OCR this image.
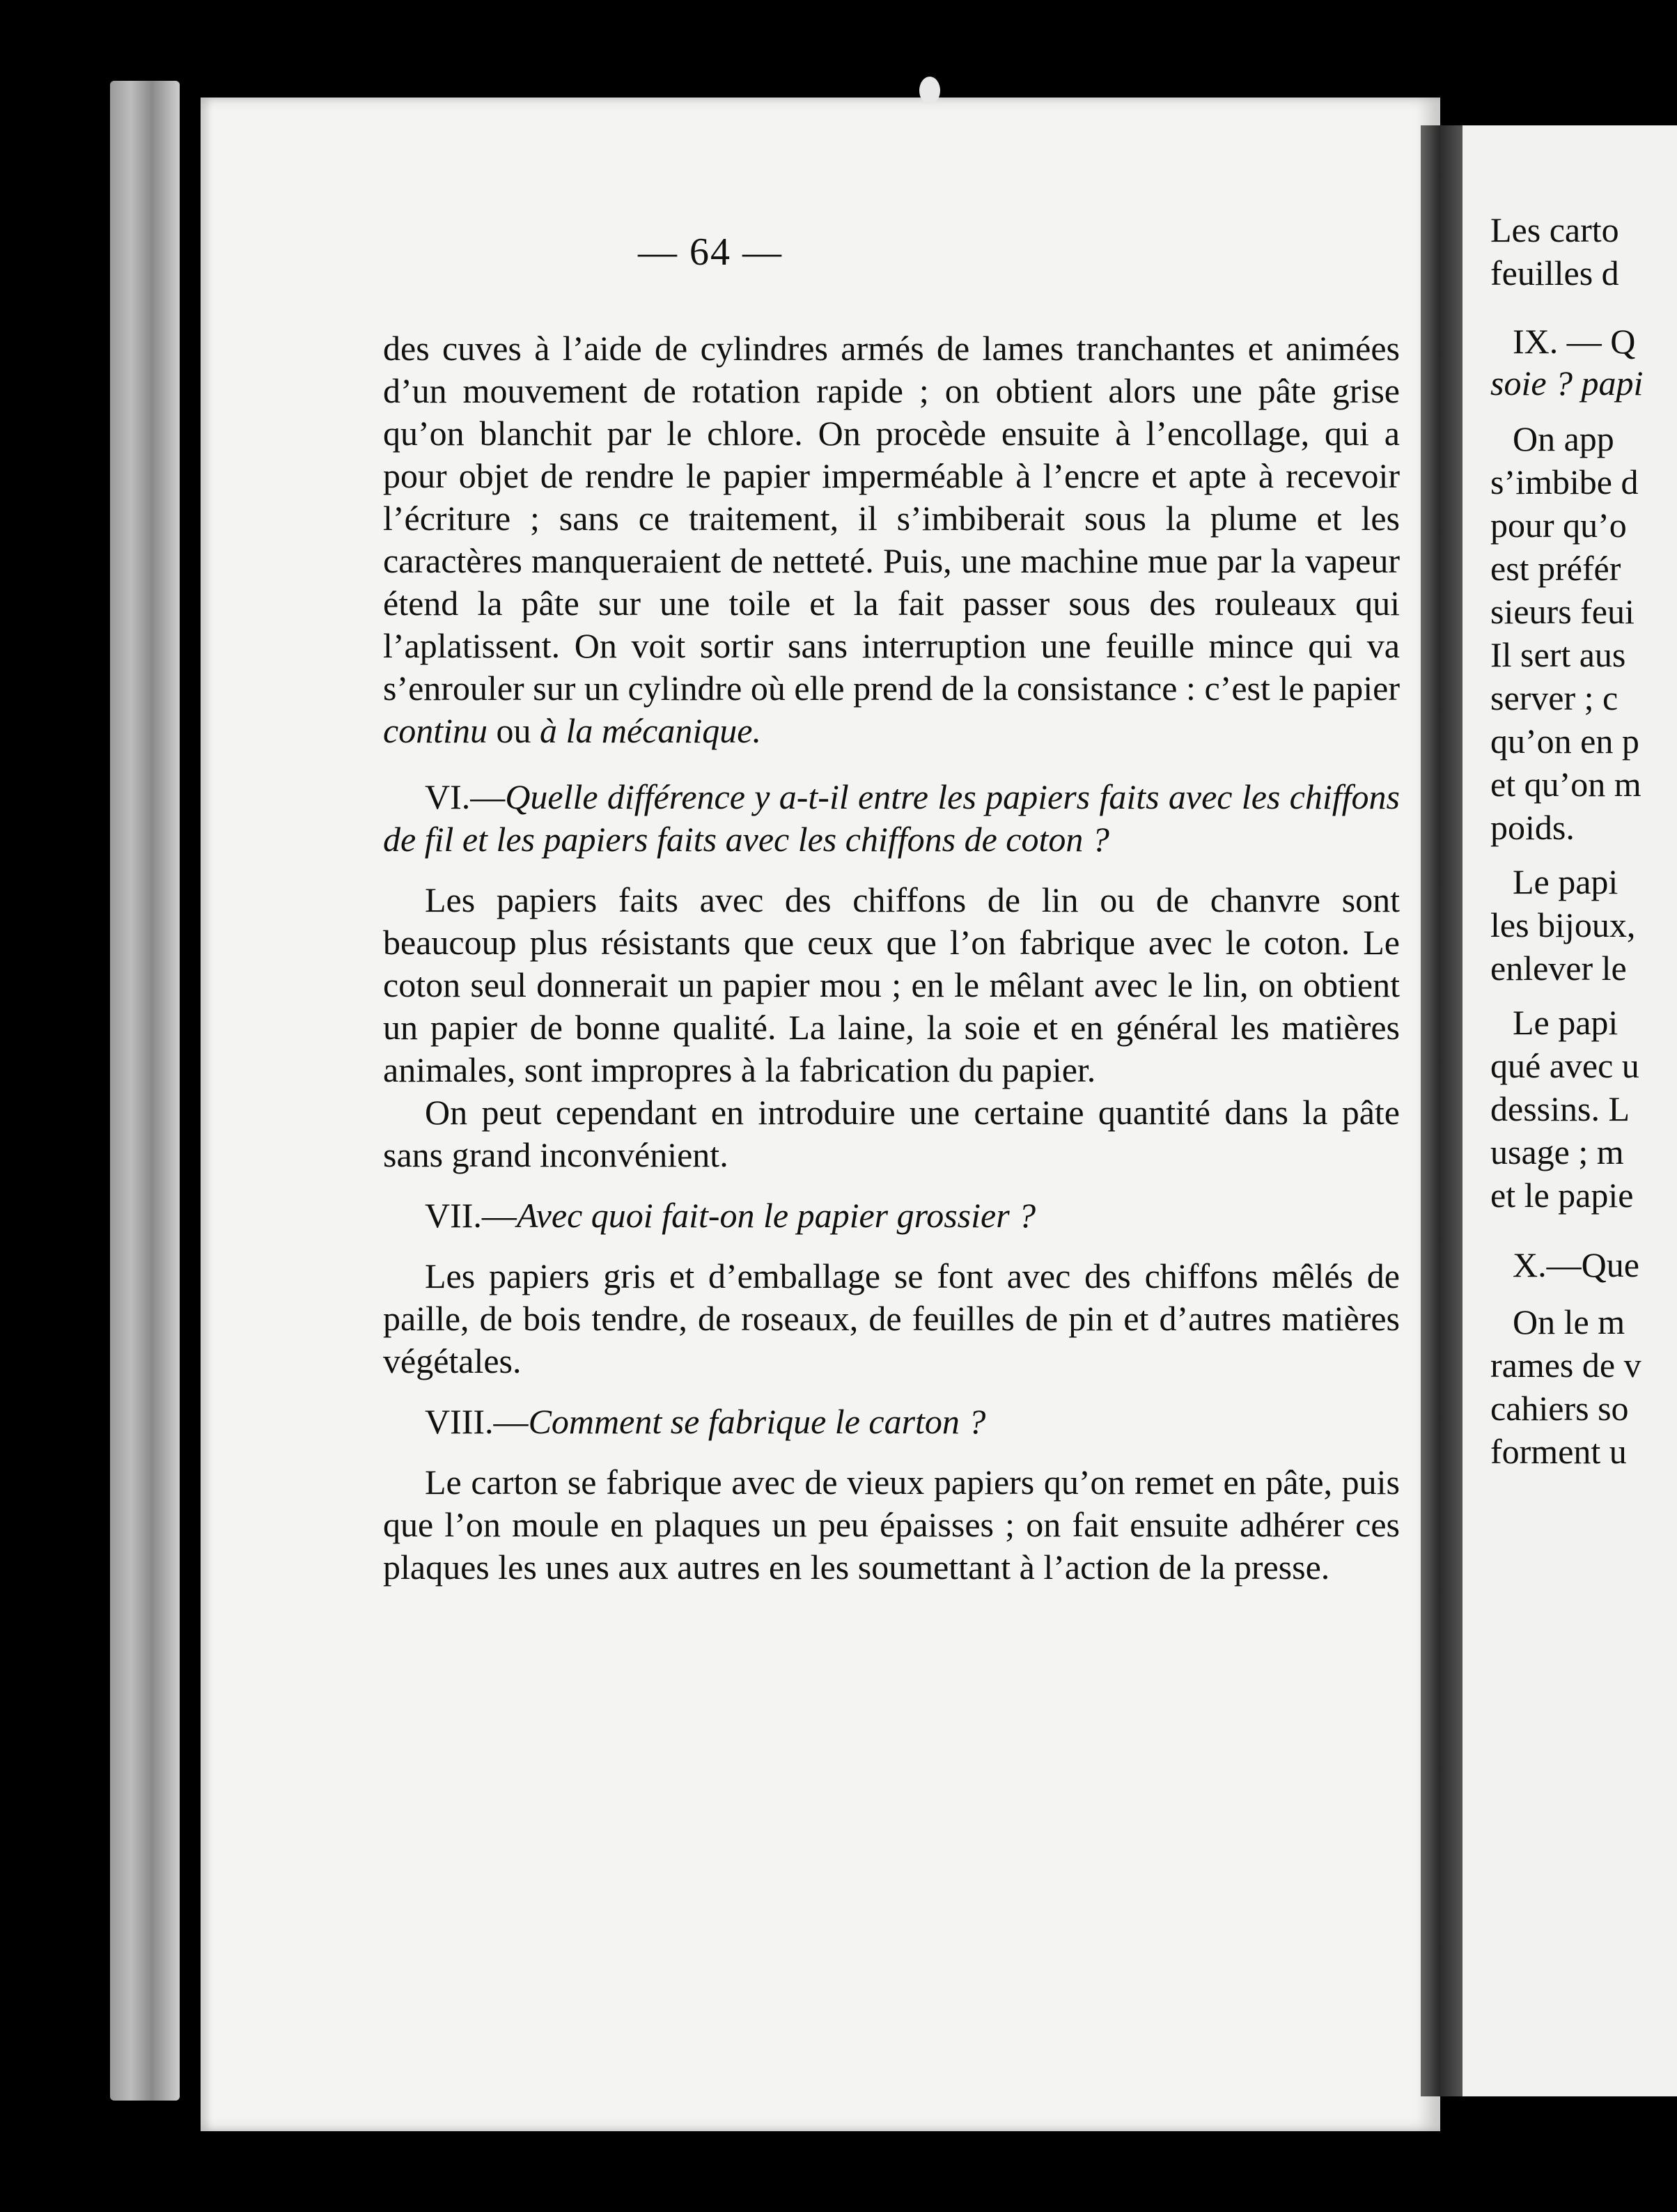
— 64 —

des cuves à l’aide de cylindres armés de lames tranchantes et animées d’un mouvement de rotation rapide ; on obtient alors une pâte grise qu’on blanchit par le chlore. On procède ensuite à l’encollage, qui a pour objet de rendre le papier imperméable à l’encre et apte à recevoir l’écriture ; sans ce traitement, il s’imbiberait sous la plume et les caractères manqueraient de netteté. Puis, une machine mue par la vapeur étend la pâte sur une toile et la fait passer sous des rouleaux qui l’aplatissent. On voit sortir sans interruption une feuille mince qui va s’enrouler sur un cylindre où elle prend de la consistance : c’est le papier continu ou à la mécanique.

VI.—Quelle différence y a-t-il entre les papiers faits avec les chiffons de fil et les papiers faits avec les chiffons de coton ?

Les papiers faits avec des chiffons de lin ou de chanvre sont beaucoup plus résistants que ceux que l’on fabrique avec le coton. Le coton seul donnerait un papier mou ; en le mêlant avec le lin, on obtient un papier de bonne qualité. La laine, la soie et en général les matières animales, sont impropres à la fabrication du papier.

On peut cependant en introduire une certaine quantité dans la pâte sans grand inconvénient.

VII.—Avec quoi fait-on le papier grossier ?

Les papiers gris et d’emballage se font avec des chiffons mêlés de paille, de bois tendre, de roseaux, de feuilles de pin et d’autres matières végétales.

VIII.—Comment se fabrique le carton ?

Le carton se fabrique avec de vieux papiers qu’on remet en pâte, puis que l’on moule en plaques un peu épaisses ; on fait ensuite adhérer ces plaques les unes aux autres en les soumettant à l’action de la presse.

Les carto
feuilles d
IX. — Q
soie ? papi
On app
s’imbibe d
pour qu’o
est préfér
sieurs feui
Il sert aus
server ; c
qu’on en p
et qu’on m
poids.
Le papi
les bijoux,
enlever le
Le papi
qué avec u
dessins. L
usage ; m
et le papie
X.—Que
On le m
rames de v
cahiers so
forment u
